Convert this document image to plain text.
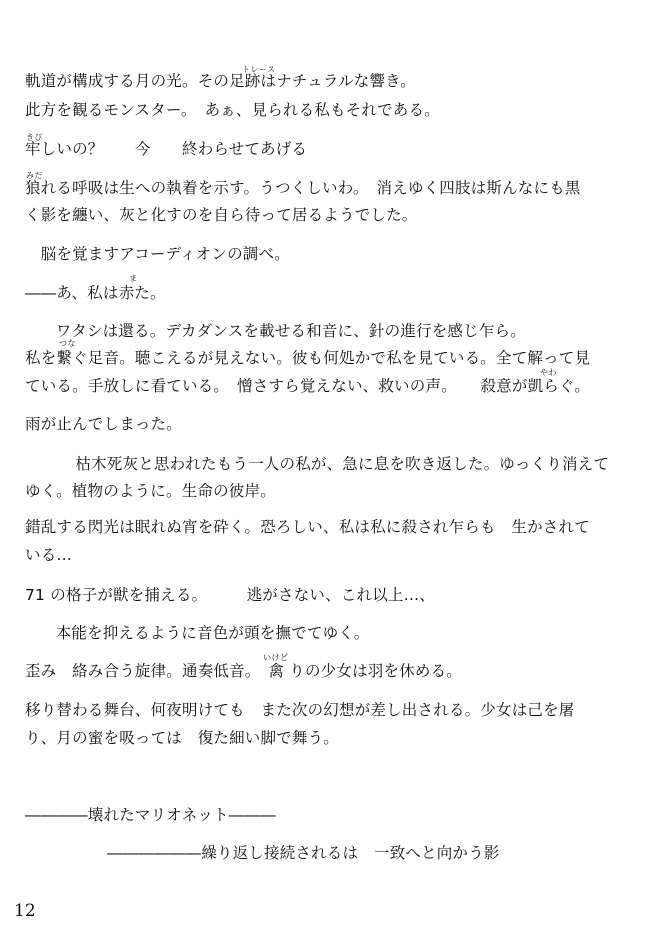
トレース
きび
みだ
ま
つな
やわ
いけど
軌道が構成する月の光。その足跡はナチュラルな響き。
此方を観るモンスター。　あぁ、見られる私もそれである。
牢しいの？　　今　　終わらせてあげる
狼れる呼吸は生への執着を示す。うつくしいわ。　消えゆく四肢は斯んなにも黒
く影を纏い、灰と化すのを自ら待って居るようでした。
　脳を覚ますアコーディオンの調べ。
――あ、私は赤た。
　ワタシは還る。デカダンスを載せる和音に、針の進行を感じ乍ら。
私を繋ぐ足音。聴こえるが見えない。彼も何処かで私を見ている。全て解って見
ている。手放しに看ている。　憎さすら覚えない、救いの声。　　殺意が凱らぐ。
雨が止んでしまった。
　　枯木死灰と思われたもう一人の私が、急に息を吹き返した。ゆっくり消えて
ゆく。植物のように。生命の彼岸。
錯乱する閃光は眠れぬ宵を砕く。恐ろしい、私は私に殺され乍らも　生かされて
いる…
71 の格子が獣を捕える。　　　逃がさない、これ以上…、
　本能を抑えるように音色が頭を撫でてゆく。
歪み　絡み合う旋律。通奏低音。　禽 りの少女は羽を休める。
移り替わる舞台、何夜明けても　また次の幻想が差し出される。少女は己を屠
り、月の蜜を吸っては　復た細い脚で舞う。
――――壊れたマリオネット―――
――――――繰り返し接続されるは　一致へと向かう影
12
